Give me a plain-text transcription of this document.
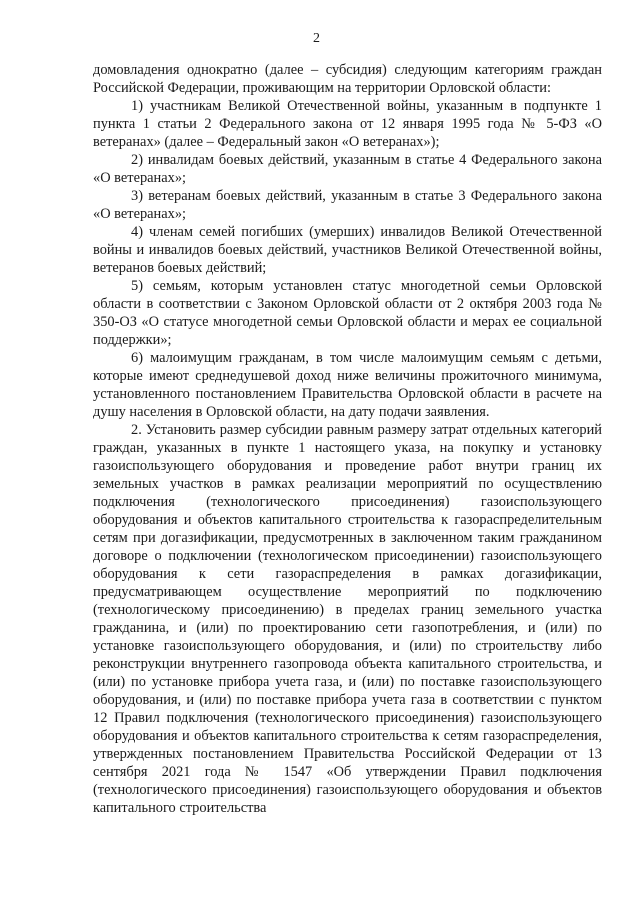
2

домовладения однократно (далее – субсидия) следующим категориям граждан Российской Федерации, проживающим на территории Орловской области:

1) участникам Великой Отечественной войны, указанным в подпункте 1 пункта 1 статьи 2 Федерального закона от 12 января 1995 года № 5-ФЗ «О ветеранах» (далее – Федеральный закон «О ветеранах»);

2) инвалидам боевых действий, указанным в статье 4 Федерального закона «О ветеранах»;

3) ветеранам боевых действий, указанным в статье 3 Федерального закона «О ветеранах»;

4) членам семей погибших (умерших) инвалидов Великой Отечественной войны и инвалидов боевых действий, участников Великой Отечественной войны, ветеранов боевых действий;

5) семьям, которым установлен статус многодетной семьи Орловской области в соответствии с Законом Орловской области от 2 октября 2003 года № 350-ОЗ «О статусе многодетной семьи Орловской области и мерах ее социальной поддержки»;

6) малоимущим гражданам, в том числе малоимущим семьям с детьми, которые имеют среднедушевой доход ниже величины прожиточного минимума, установленного постановлением Правительства Орловской области в расчете на душу населения в Орловской области, на дату подачи заявления.

2. Установить размер субсидии равным размеру затрат отдельных категорий граждан, указанных в пункте 1 настоящего указа, на покупку и установку газоиспользующего оборудования и проведение работ внутри границ их земельных участков в рамках реализации мероприятий по осуществлению подключения (технологического присоединения) газоиспользующего оборудования и объектов капитального строительства к газораспределительным сетям при догазификации, предусмотренных в заключенном таким гражданином договоре о подключении (технологическом присоединении) газоиспользующего оборудования к сети газораспределения в рамках догазификации, предусматривающем осуществление мероприятий по подключению (технологическому присоединению) в пределах границ земельного участка гражданина, и (или) по проектированию сети газопотребления, и (или) по установке газоиспользующего оборудования, и (или) по строительству либо реконструкции внутреннего газопровода объекта капитального строительства, и (или) по установке прибора учета газа, и (или) по поставке газоиспользующего оборудования, и (или) по поставке прибора учета газа в соответствии с пунктом 12 Правил подключения (технологического присоединения) газоиспользующего оборудования и объектов капитального строительства к сетям газораспределения, утвержденных постановлением Правительства Российской Федерации от 13 сентября 2021 года № 1547 «Об утверждении Правил подключения (технологического присоединения) газоиспользующего оборудования и объектов капитального строительства
